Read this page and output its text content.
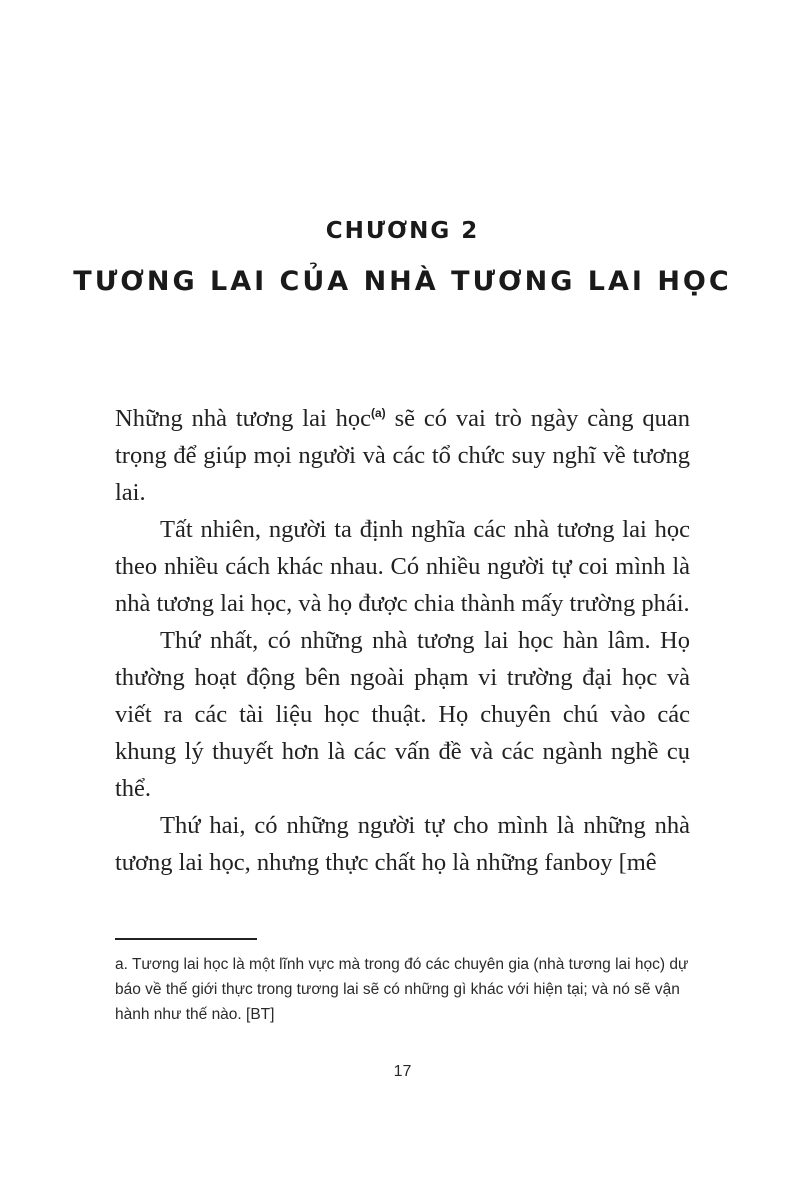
CHƯƠNG 2
TƯƠNG LAI CỦA NHÀ TƯƠNG LAI HỌC

Những nhà tương lai học$^{(a)}$ sẽ có vai trò ngày càng quan trọng để giúp mọi người và các tổ chức suy nghĩ về tương lai.

Tất nhiên, người ta định nghĩa các nhà tương lai học theo nhiều cách khác nhau. Có nhiều người tự coi mình là nhà tương lai học, và họ được chia thành mấy trường phái.

Thứ nhất, có những nhà tương lai học hàn lâm. Họ thường hoạt động bên ngoài phạm vi trường đại học và viết ra các tài liệu học thuật. Họ chuyên chú vào các khung lý thuyết hơn là các vấn đề và các ngành nghề cụ thể.

Thứ hai, có những người tự cho mình là những nhà tương lai học, nhưng thực chất họ là những fanboy [mê

a. Tương lai học là một lĩnh vực mà trong đó các chuyên gia (nhà tương lai học) dự báo về thế giới thực trong tương lai sẽ có những gì khác với hiện tại; và nó sẽ vận hành như thế nào. [BT]

17
